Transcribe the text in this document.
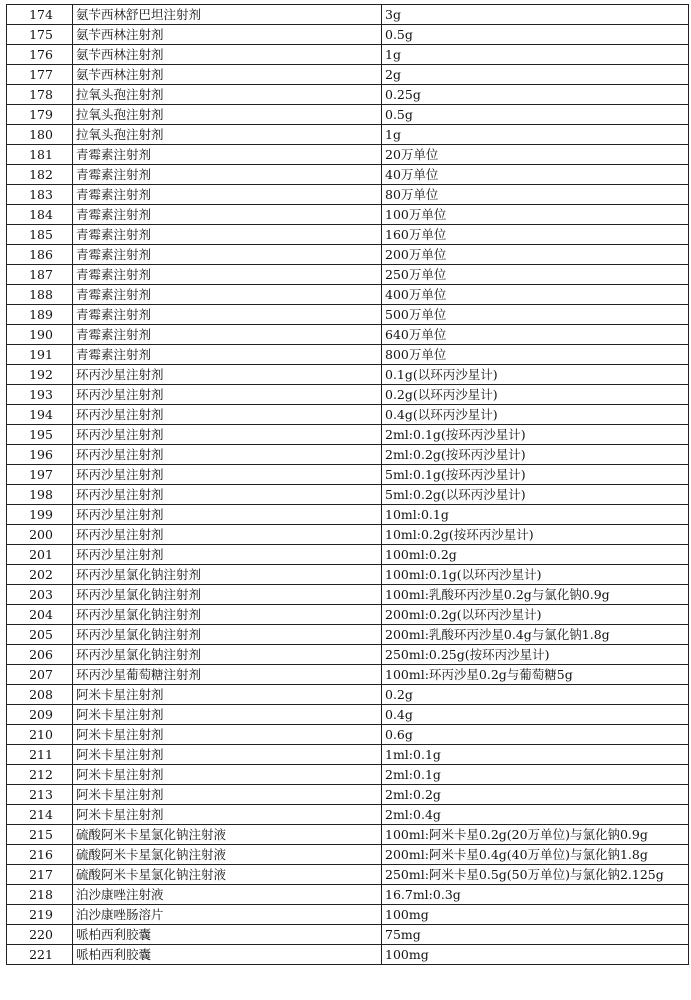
174	氨苄西林舒巴坦注射剂	3g
175	氨苄西林注射剂	0.5g
176	氨苄西林注射剂	1g
177	氨苄西林注射剂	2g
178	拉氧头孢注射剂	0.25g
179	拉氧头孢注射剂	0.5g
180	拉氧头孢注射剂	1g
181	青霉素注射剂	20万单位
182	青霉素注射剂	40万单位
183	青霉素注射剂	80万单位
184	青霉素注射剂	100万单位
185	青霉素注射剂	160万单位
186	青霉素注射剂	200万单位
187	青霉素注射剂	250万单位
188	青霉素注射剂	400万单位
189	青霉素注射剂	500万单位
190	青霉素注射剂	640万单位
191	青霉素注射剂	800万单位
192	环丙沙星注射剂	0.1g(以环丙沙星计)
193	环丙沙星注射剂	0.2g(以环丙沙星计)
194	环丙沙星注射剂	0.4g(以环丙沙星计)
195	环丙沙星注射剂	2ml:0.1g(按环丙沙星计)
196	环丙沙星注射剂	2ml:0.2g(按环丙沙星计)
197	环丙沙星注射剂	5ml:0.1g(按环丙沙星计)
198	环丙沙星注射剂	5ml:0.2g(以环丙沙星计)
199	环丙沙星注射剂	10ml:0.1g
200	环丙沙星注射剂	10ml:0.2g(按环丙沙星计)
201	环丙沙星注射剂	100ml:0.2g
202	环丙沙星氯化钠注射剂	100ml:0.1g(以环丙沙星计)
203	环丙沙星氯化钠注射剂	100ml:乳酸环丙沙星0.2g与氯化钠0.9g
204	环丙沙星氯化钠注射剂	200ml:0.2g(以环丙沙星计)
205	环丙沙星氯化钠注射剂	200ml:乳酸环丙沙星0.4g与氯化钠1.8g
206	环丙沙星氯化钠注射剂	250ml:0.25g(按环丙沙星计)
207	环丙沙星葡萄糖注射剂	100ml:环丙沙星0.2g与葡萄糖5g
208	阿米卡星注射剂	0.2g
209	阿米卡星注射剂	0.4g
210	阿米卡星注射剂	0.6g
211	阿米卡星注射剂	1ml:0.1g
212	阿米卡星注射剂	2ml:0.1g
213	阿米卡星注射剂	2ml:0.2g
214	阿米卡星注射剂	2ml:0.4g
215	硫酸阿米卡星氯化钠注射液	100ml:阿米卡星0.2g(20万单位)与氯化钠0.9g
216	硫酸阿米卡星氯化钠注射液	200ml:阿米卡星0.4g(40万单位)与氯化钠1.8g
217	硫酸阿米卡星氯化钠注射液	250ml:阿米卡星0.5g(50万单位)与氯化钠2.125g
218	泊沙康唑注射液	16.7ml:0.3g
219	泊沙康唑肠溶片	100mg
220	哌柏西利胶囊	75mg
221	哌柏西利胶囊	100mg
